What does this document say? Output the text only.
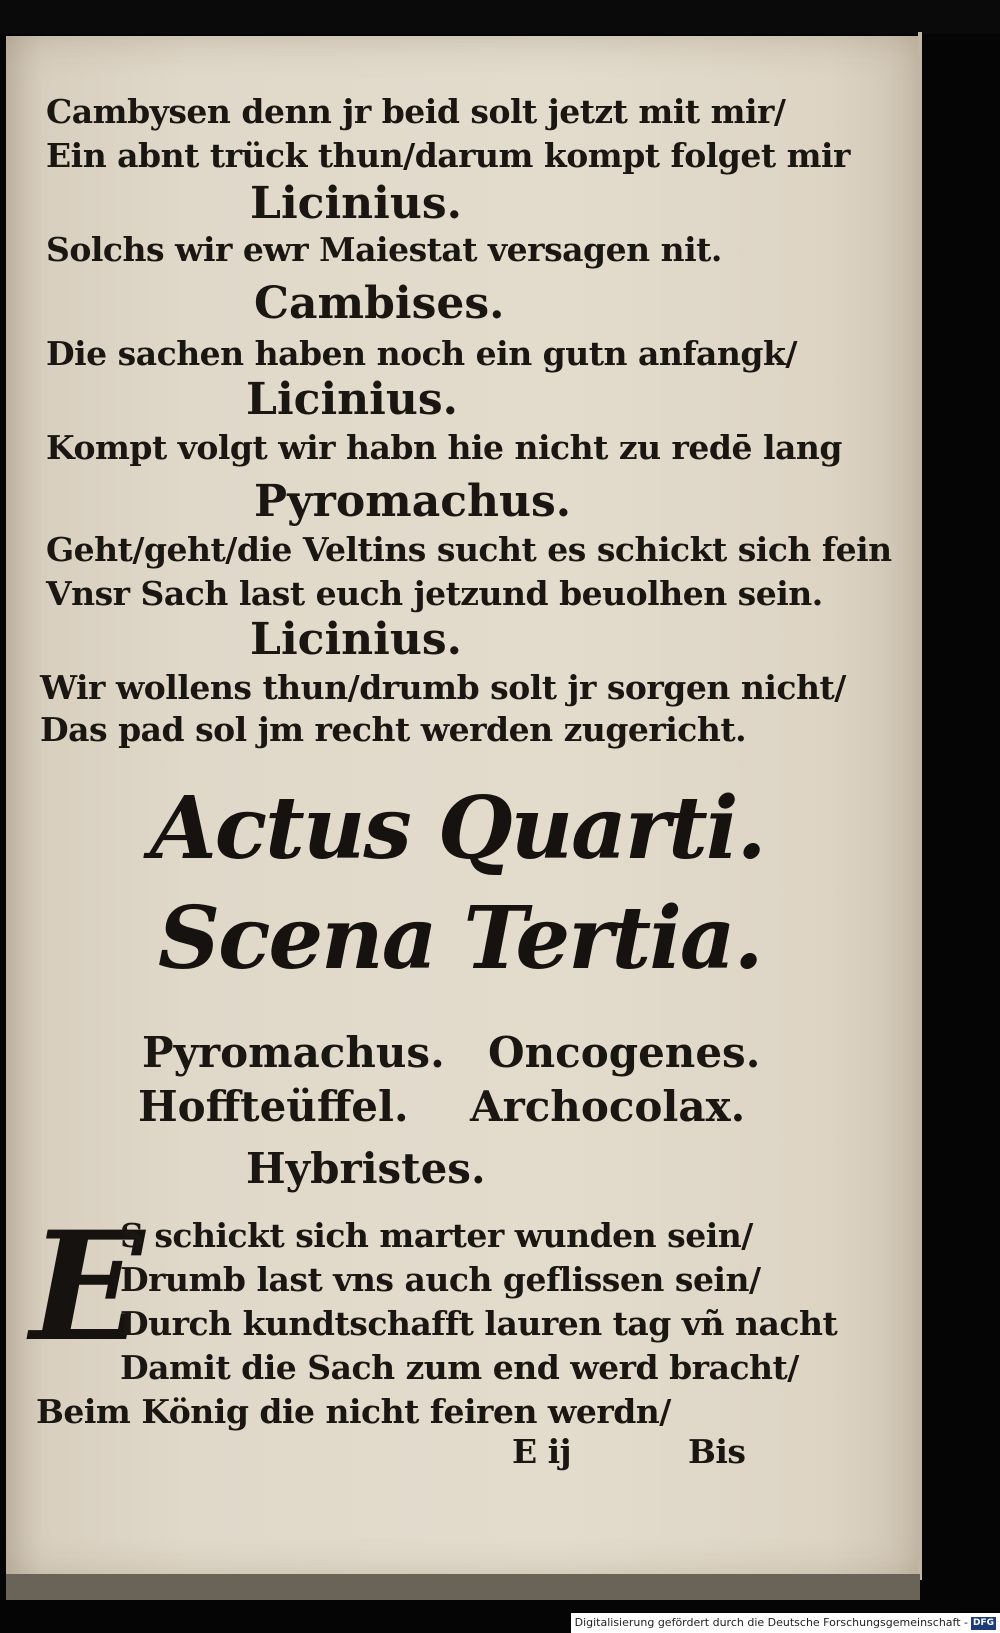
Cambysen denn jr beid solt jetzt mit mir/
Ein abnt trück thun/darum kompt folget mir
Licinius.
Solchs wir ewr Maiestat versagen nit.
Cambises.
Die sachen haben noch ein gutn anfangk/
Licinius.
Kompt volgt wir habn hie nicht zu redē lang
Pyromachus.
Geht/geht/die Veltins sucht es schickt sich fein
Vnsr Sach last euch jetzund beuolhen sein.
Licinius.
Wir wollens thun/drumb solt jr sorgen nicht/
Das pad sol jm recht werden zugericht.
Actus Quarti.
Scena Tertia.
Pyromachus. Oncogenes.
Hoffteüffel. Archocolax.
Hybristes.
E
S schickt sich marter wunden sein/
Drumb last vns auch geflissen sein/
Durch kundtschafft lauren tag vñ nacht
Damit die Sach zum end werd bracht/
Beim König die nicht feiren werdn/
E ij	Bis
Digitalisierung gefördert durch die Deutsche Forschungsgemeinschaft - DFG
